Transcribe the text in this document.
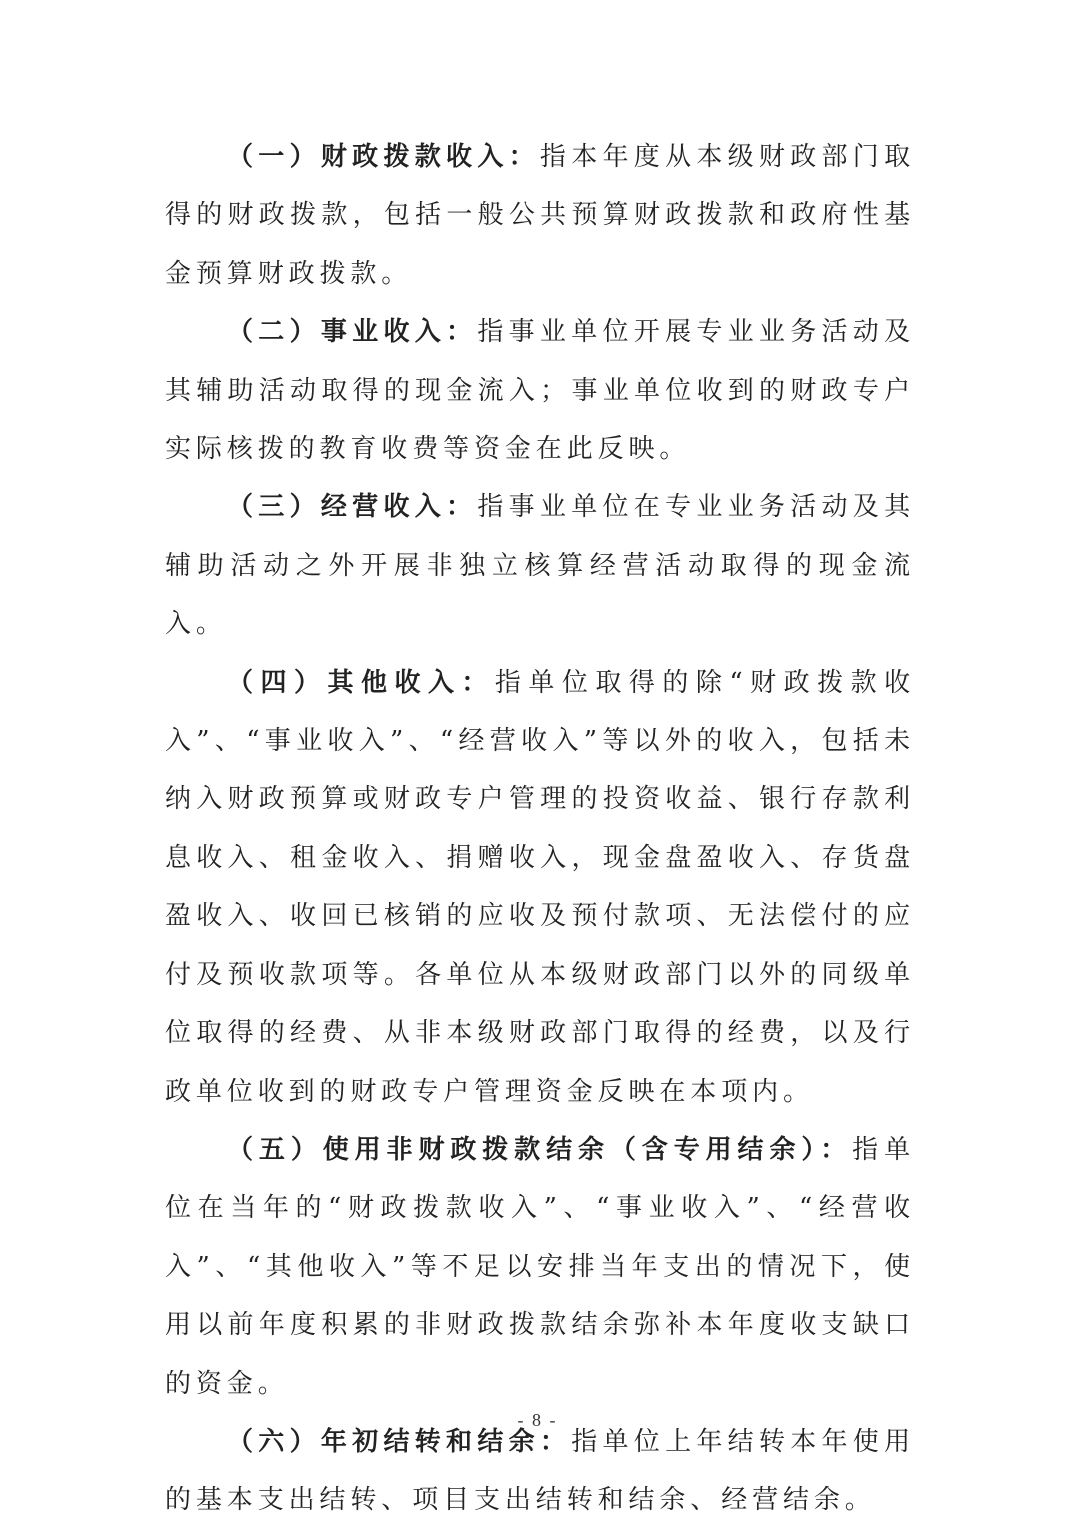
（一）财政拨款收入：指本年度从本级财政部门取得的财政拨款，包括一般公共预算财政拨款和政府性基金预算财政拨款。

（二）事业收入：指事业单位开展专业业务活动及其辅助活动取得的现金流入；事业单位收到的财政专户实际核拨的教育收费等资金在此反映。

（三）经营收入：指事业单位在专业业务活动及其辅助活动之外开展非独立核算经营活动取得的现金流入。

（四）其他收入：指单位取得的除“财政拨款收入”、“事业收入”、“经营收入”等以外的收入，包括未纳入财政预算或财政专户管理的投资收益、银行存款利息收入、租金收入、捐赠收入，现金盘盈收入、存货盘盈收入、收回已核销的应收及预付款项、无法偿付的应付及预收款项等。各单位从本级财政部门以外的同级单位取得的经费、从非本级财政部门取得的经费，以及行政单位收到的财政专户管理资金反映在本项内。

（五）使用非财政拨款结余（含专用结余）：指单位在当年的“财政拨款收入”、“事业收入”、“经营收入”、“其他收入”等不足以安排当年支出的情况下，使用以前年度积累的非财政拨款结余弥补本年度收支缺口的资金。

（六）年初结转和结余：指单位上年结转本年使用的基本支出结转、项目支出结转和结余、经营结余。

- 8 -
